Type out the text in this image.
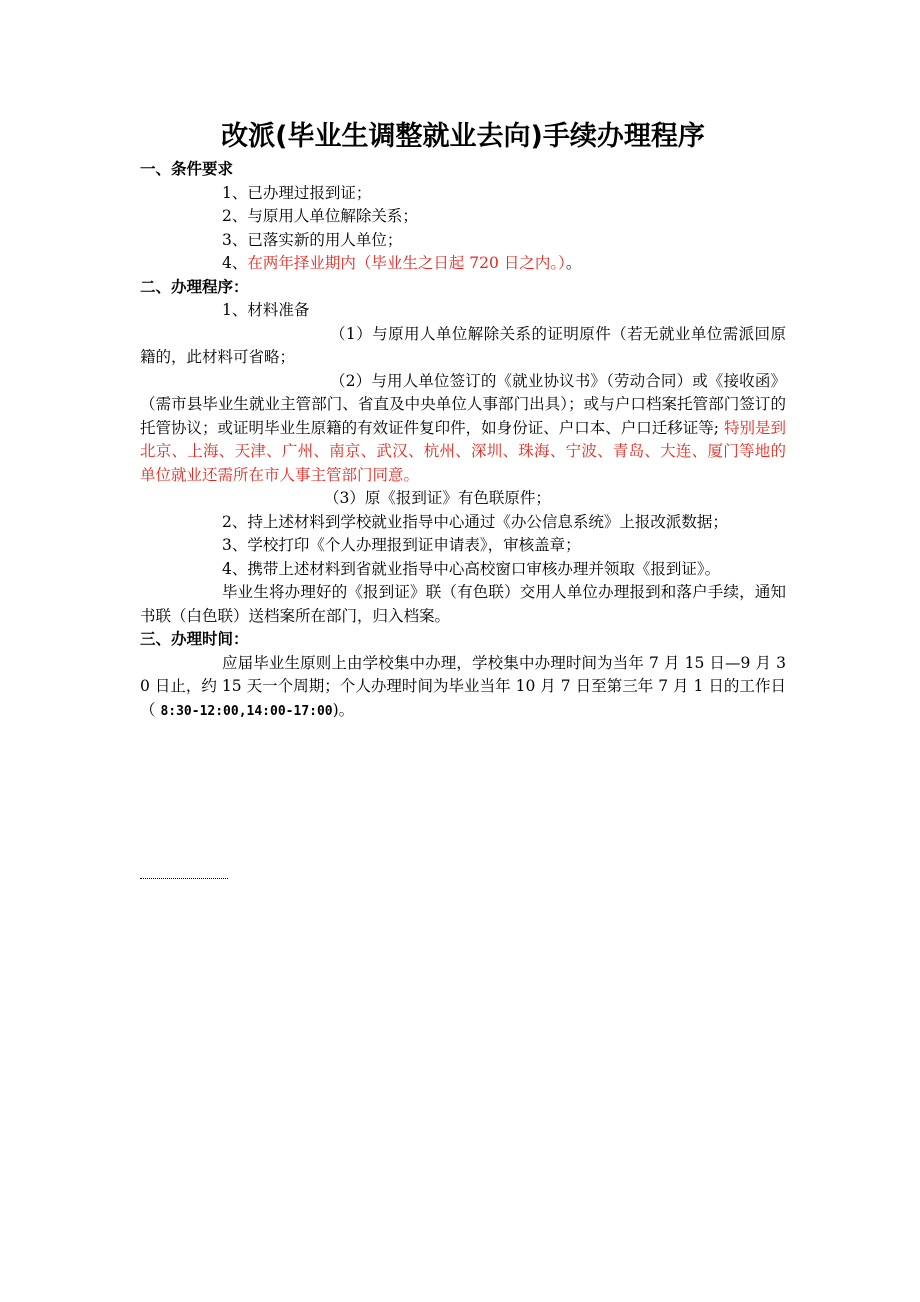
改派(毕业生调整就业去向)手续办理程序

一、条件要求

1、已办理过报到证；

2、与原用人单位解除关系；

3、已落实新的用人单位；

4、在两年择业期内（毕业生之日起 720 日之内。）。

二、办理程序：

1、材料准备

（1）与原用人单位解除关系的证明原件（若无就业单位需派回原籍的，此材料可省略；

（2）与用人单位签订的《就业协议书》（劳动合同）或《接收函》（需市县毕业生就业主管部门、省直及中央单位人事部门出具）；或与户口档案托管部门签订的托管协议；或证明毕业生原籍的有效证件复印件，如身份证、户口本、户口迁移证等; 特别是到北京、上海、天津、广州、南京、武汉、杭州、深圳、珠海、宁波、青岛、大连、厦门等地的单位就业还需所在市人事主管部门同意。

（3）原《报到证》有色联原件；

2、持上述材料到学校就业指导中心通过《办公信息系统》上报改派数据；

3、学校打印《个人办理报到证申请表》，审核盖章；

4、携带上述材料到省就业指导中心高校窗口审核办理并领取《报到证》。

毕业生将办理好的《报到证》联（有色联）交用人单位办理报到和落户手续，通知书联（白色联）送档案所在部门，归入档案。

三、办理时间：

应届毕业生原则上由学校集中办理，学校集中办理时间为当年 7 月 15 日—9 月 30 日止，约 15 天一个周期；个人办理时间为毕业当年 10 月 7 日至第三年 7 月 1 日的工作日（ 8:30-12:00,14:00-17:00)。
